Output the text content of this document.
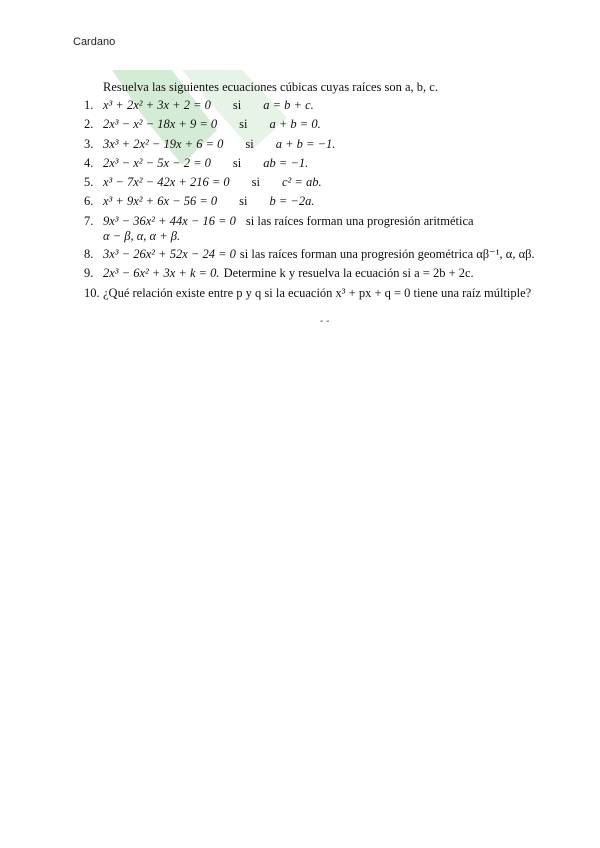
Cardano
Resuelva las siguientes ecuaciones cúbicas cuyas raíces son a, b, c.
1. x³ + 2x² + 3x + 2 = 0 si a = b + c.
2. 2x³ − x² − 18x + 9 = 0 si a + b = 0.
3. 3x³ + 2x² − 19x + 6 = 0 si a + b = −1.
4. 2x³ − x² − 5x − 2 = 0 si ab = −1.
5. x³ − 7x² − 42x + 216 = 0 si c² = ab.
6. x³ + 9x² + 6x − 56 = 0 si b = −2a.
7. 9x³ − 36x² + 44x − 16 = 0 si las raíces forman una progresión aritmética
α − β, α, α + β.
8. 3x³ − 26x² + 52x − 24 = 0 si las raíces forman una progresión geométrica αβ⁻¹, α, αβ.
9. 2x³ − 6x² + 3x + k = 0. Determine k y resuelva la ecuación si a = 2b + 2c.
10. ¿Qué relación existe entre p y q si la ecuación x³ + px + q = 0 tiene una raíz múltiple?
- -
